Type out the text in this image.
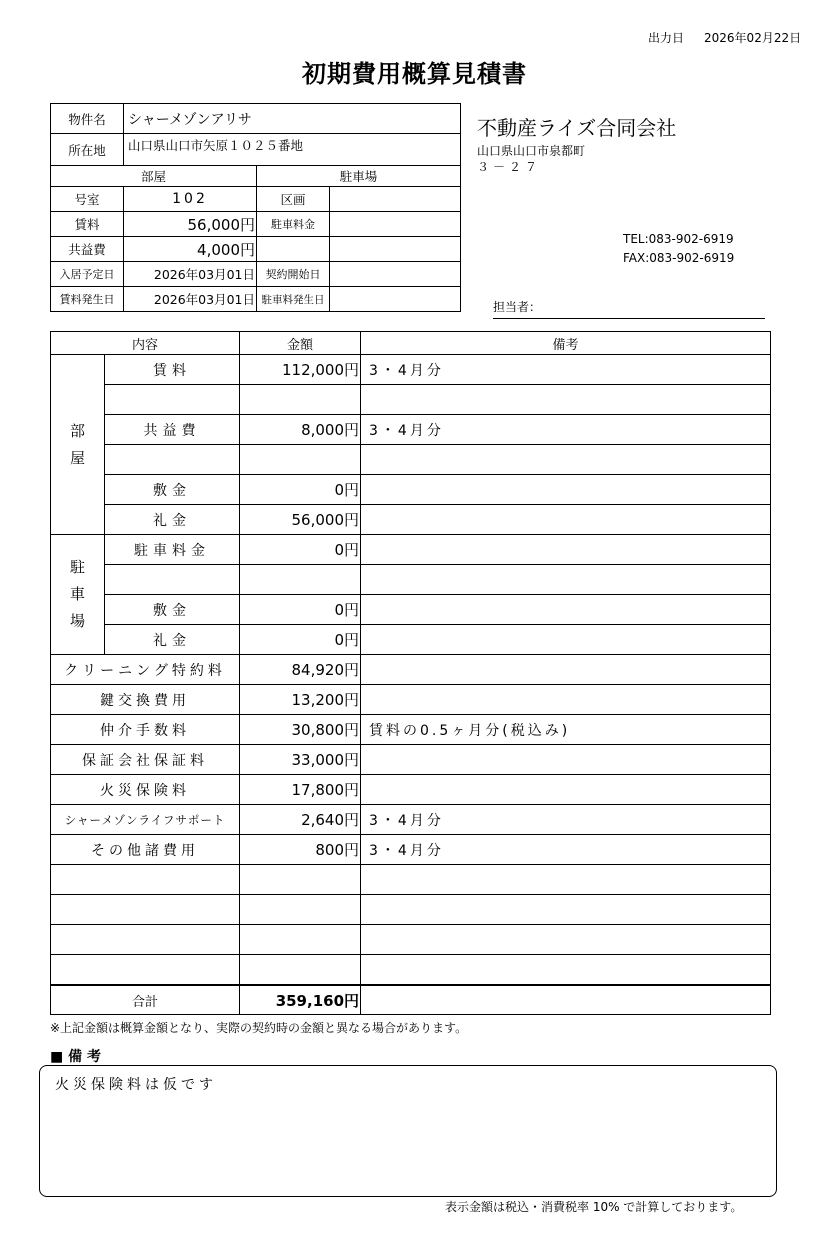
出力日 2026年02月22日
初期費用概算見積書
物件名	シャーメゾンアリサ		
所在地	山口県山口市矢原１０２５番地		
部屋		駐車場	
号室	102	区画	
賃料	56,000円	駐車料金	
共益費	4,000円		
入居予定日	2026年03月01日	契約開始日	
賃料発生日	2026年03月01日	駐車料発生日	
不動産ライズ合同会社
山口県山口市泉都町
３－２７
TEL:083-902-6919
FAX:083-902-6919
担当者：
内容		金額	備考

部
屋	賃料	112,000円	3・4月分

	共益費	8,000円	3・4月分

	敷金	0円	
	礼金	56,000円	

駐
車
場	駐車料金	0円	

	敷金	0円	
	礼金	0円	
クリーニング特約料		84,920円	
鍵交換費用		13,200円	
仲介手数料		30,800円	賃料の0.5ヶ月分(税込み)
保証会社保証料		33,000円	
火災保険料		17,800円	
シャーメゾンライフサポート		2,640円	3・4月分
その他諸費用		800円	3・4月分

合計		359,160円	
※上記金額は概算金額となり、実際の契約時の金額と異なる場合があります。
■ 備 考
火災保険料は仮です
表示金額は税込・消費税率 10% で計算しております。
